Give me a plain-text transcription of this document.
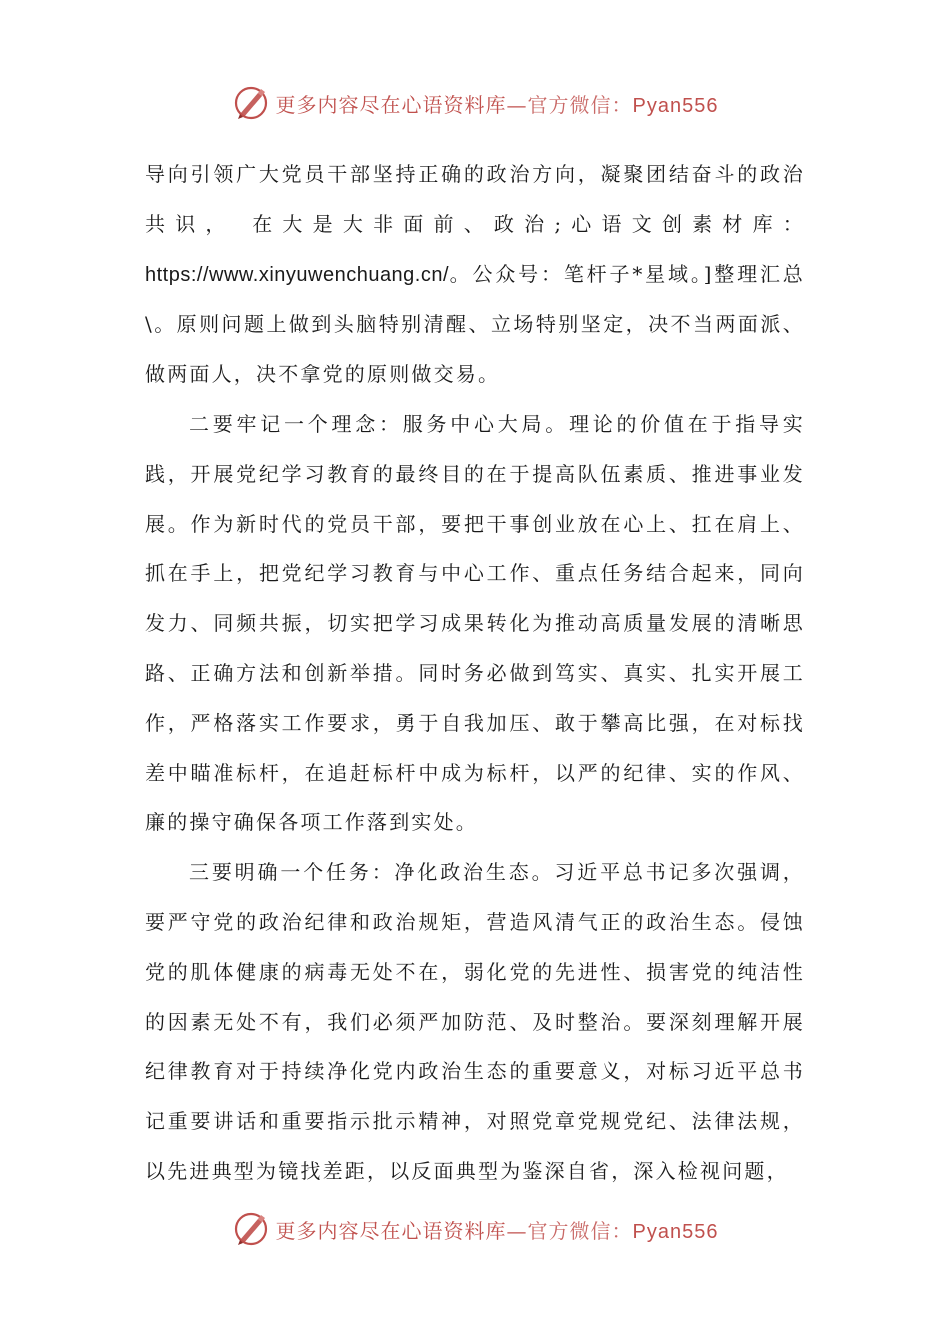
更多内容尽在心语资料库—官方微信：Pyan556

导向引领广大党员干部坚持正确的政治方向，凝聚团结奋斗的政治共识， 在大是大非面前、政治;心语文创素材库：https://www.xinyuwenchuang.cn/。公众号：笔杆子*星域。]整理汇总\。原则问题上做到头脑特别清醒、立场特别坚定，决不当两面派、做两面人，决不拿党的原则做交易。

二要牢记一个理念：服务中心大局。理论的价值在于指导实践，开展党纪学习教育的最终目的在于提高队伍素质、推进事业发展。作为新时代的党员干部，要把干事创业放在心上、扛在肩上、抓在手上，把党纪学习教育与中心工作、重点任务结合起来，同向发力、同频共振，切实把学习成果转化为推动高质量发展的清晰思路、正确方法和创新举措。同时务必做到笃实、真实、扎实开展工作，严格落实工作要求，勇于自我加压、敢于攀高比强，在对标找差中瞄准标杆，在追赶标杆中成为标杆，以严的纪律、实的作风、廉的操守确保各项工作落到实处。

三要明确一个任务：净化政治生态。习近平总书记多次强调，要严守党的政治纪律和政治规矩，营造风清气正的政治生态。侵蚀党的肌体健康的病毒无处不在，弱化党的先进性、损害党的纯洁性的因素无处不有，我们必须严加防范、及时整治。要深刻理解开展纪律教育对于持续净化党内政治生态的重要意义，对标习近平总书记重要讲话和重要指示批示精神，对照党章党规党纪、法律法规，以先进典型为镜找差距，以反面典型为鉴深自省，深入检视问题，

更多内容尽在心语资料库—官方微信：Pyan556
